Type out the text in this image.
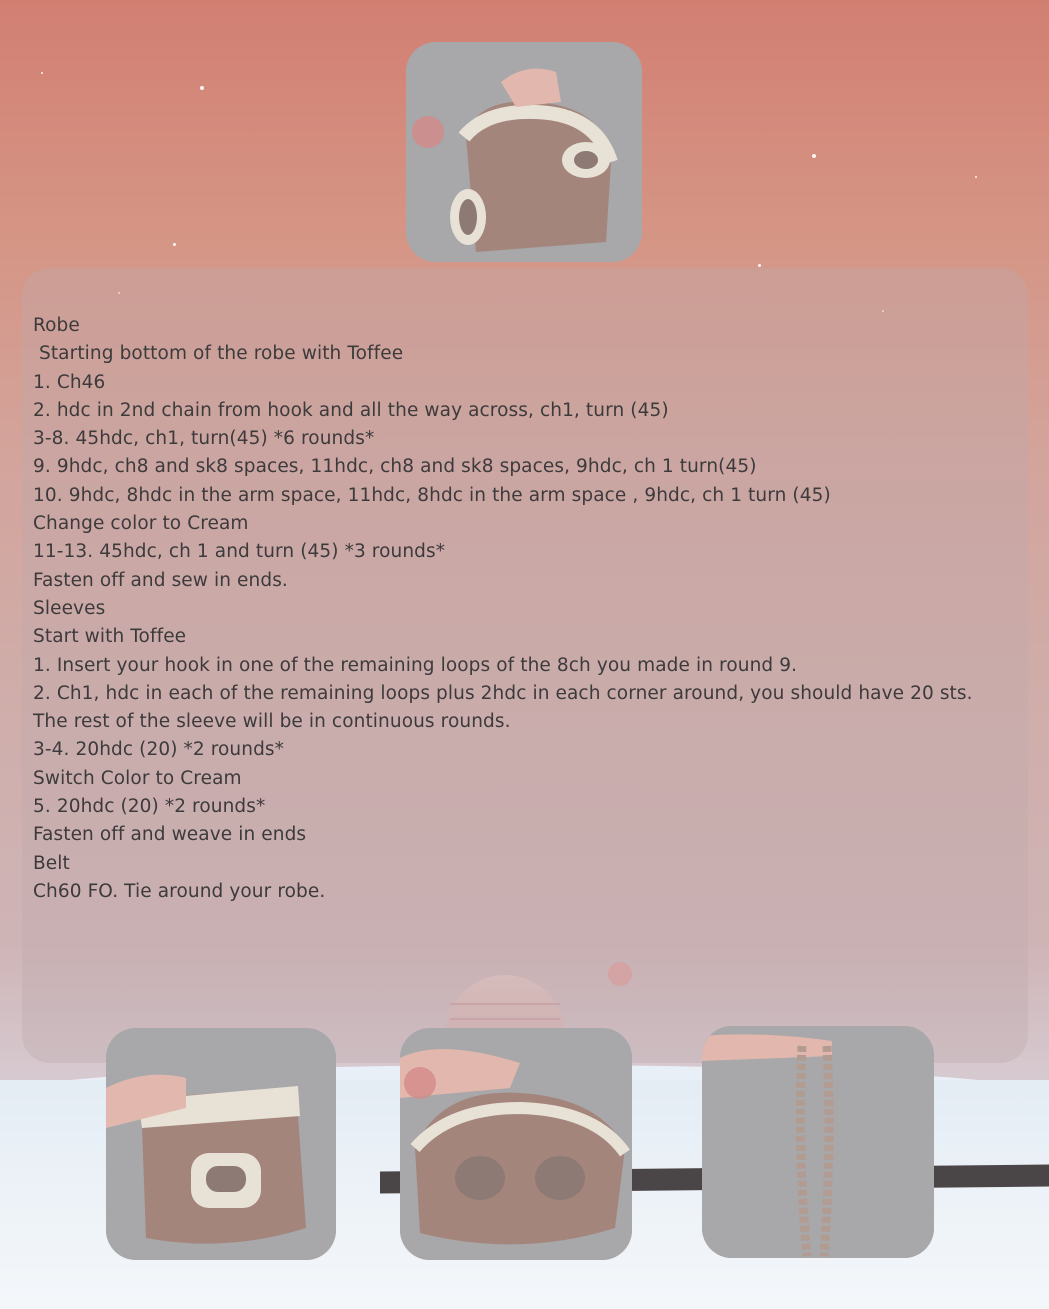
Robe
Starting bottom of the robe with Toffee
1. Ch46
2. hdc in 2nd chain from hook and all the way across, ch1, turn (45)
3-8. 45hdc, ch1, turn(45) *6 rounds*
9. 9hdc, ch8 and sk8 spaces, 11hdc, ch8 and sk8 spaces, 9hdc, ch 1 turn(45)
10. 9hdc, 8hdc in the arm space, 11hdc, 8hdc in the arm space , 9hdc, ch 1 turn (45)
Change color to Cream
11-13. 45hdc, ch 1 and turn (45) *3 rounds*
Fasten off and sew in ends.
Sleeves
Start with Toffee
1. Insert your hook in one of the remaining loops of the 8ch you made in round 9.
2. Ch1, hdc in each of the remaining loops plus 2hdc in each corner around, you should have 20 sts.
The rest of the sleeve will be in continuous rounds.
3-4. 20hdc (20) *2 rounds*
Switch Color to Cream
5. 20hdc (20) *2 rounds*
Fasten off and weave in ends
Belt
Ch60 FO. Tie around your robe.
